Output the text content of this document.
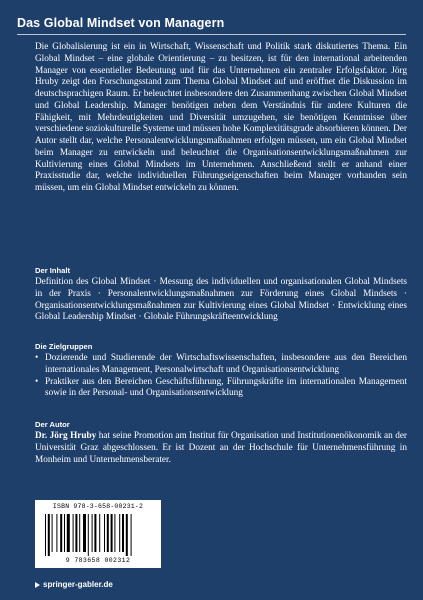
Das Global Mindset von Managern

Die Globalisierung ist ein in Wirtschaft, Wissenschaft und Politik stark diskutiertes Thema. Ein Global Mindset – eine globale Orientierung – zu besitzen, ist für den international arbeitenden Manager von essentieller Bedeutung und für das Unternehmen ein zentraler Erfolgsfaktor. Jörg Hruby zeigt den Forschungsstand zum Thema Global Mindset auf und eröffnet die Diskussion im deutschsprachigen Raum. Er beleuchtet insbesondere den Zusammenhang zwischen Global Mindset und Global Leadership. Manager benötigen neben dem Verständnis für andere Kulturen die Fähigkeit, mit Mehrdeutigkeiten und Diversität umzugehen, sie benötigen Kenntnisse über verschiedene soziokulturelle Systeme und müssen hohe Komplexitätsgrade absorbieren können. Der Autor stellt dar, welche Personalentwicklungsmaßnahmen erfolgen müssen, um ein Global Mindset beim Manager zu entwickeln und beleuchtet die Organisationsentwicklungsmaßnahmen zur Kultivierung eines Global Mindsets im Unternehmen. Anschließend stellt er anhand einer Praxisstudie dar, welche individuellen Führungseigenschaften beim Manager vorhanden sein müssen, um ein Global Mindset entwickeln zu können.

Der Inhalt
Definition des Global Mindset · Messung des individuellen und organisationalen Global Mindsets in der Praxis · Personalentwicklungsmaßnahmen zur Förderung eines Global Mindsets · Organisationsentwicklungsmaßnahmen zur Kultivierung eines Global Mindset · Entwicklung eines Global Leadership Mindset · Globale Führungskräfteentwicklung
Die Zielgruppen
• Dozierende und Studierende der Wirtschaftswissenschaften, insbesondere aus den Bereichen internationales Management, Personalwirtschaft und Organisationsentwicklung
• Praktiker aus den Bereichen Geschäftsführung, Führungskräfte im internationalen Management sowie in der Personal- und Organisationsentwicklung
Der Autor
Dr. Jörg Hruby hat seine Promotion am Institut für Organisation und Institutionenökonomik an der Universität Graz abgeschlossen. Er ist Dozent an der Hochschule für Unternehmensführung in Monheim und Unternehmensberater.
ISBN 978-3-658-00231-2
9 783658 002312
springer-gabler.de
